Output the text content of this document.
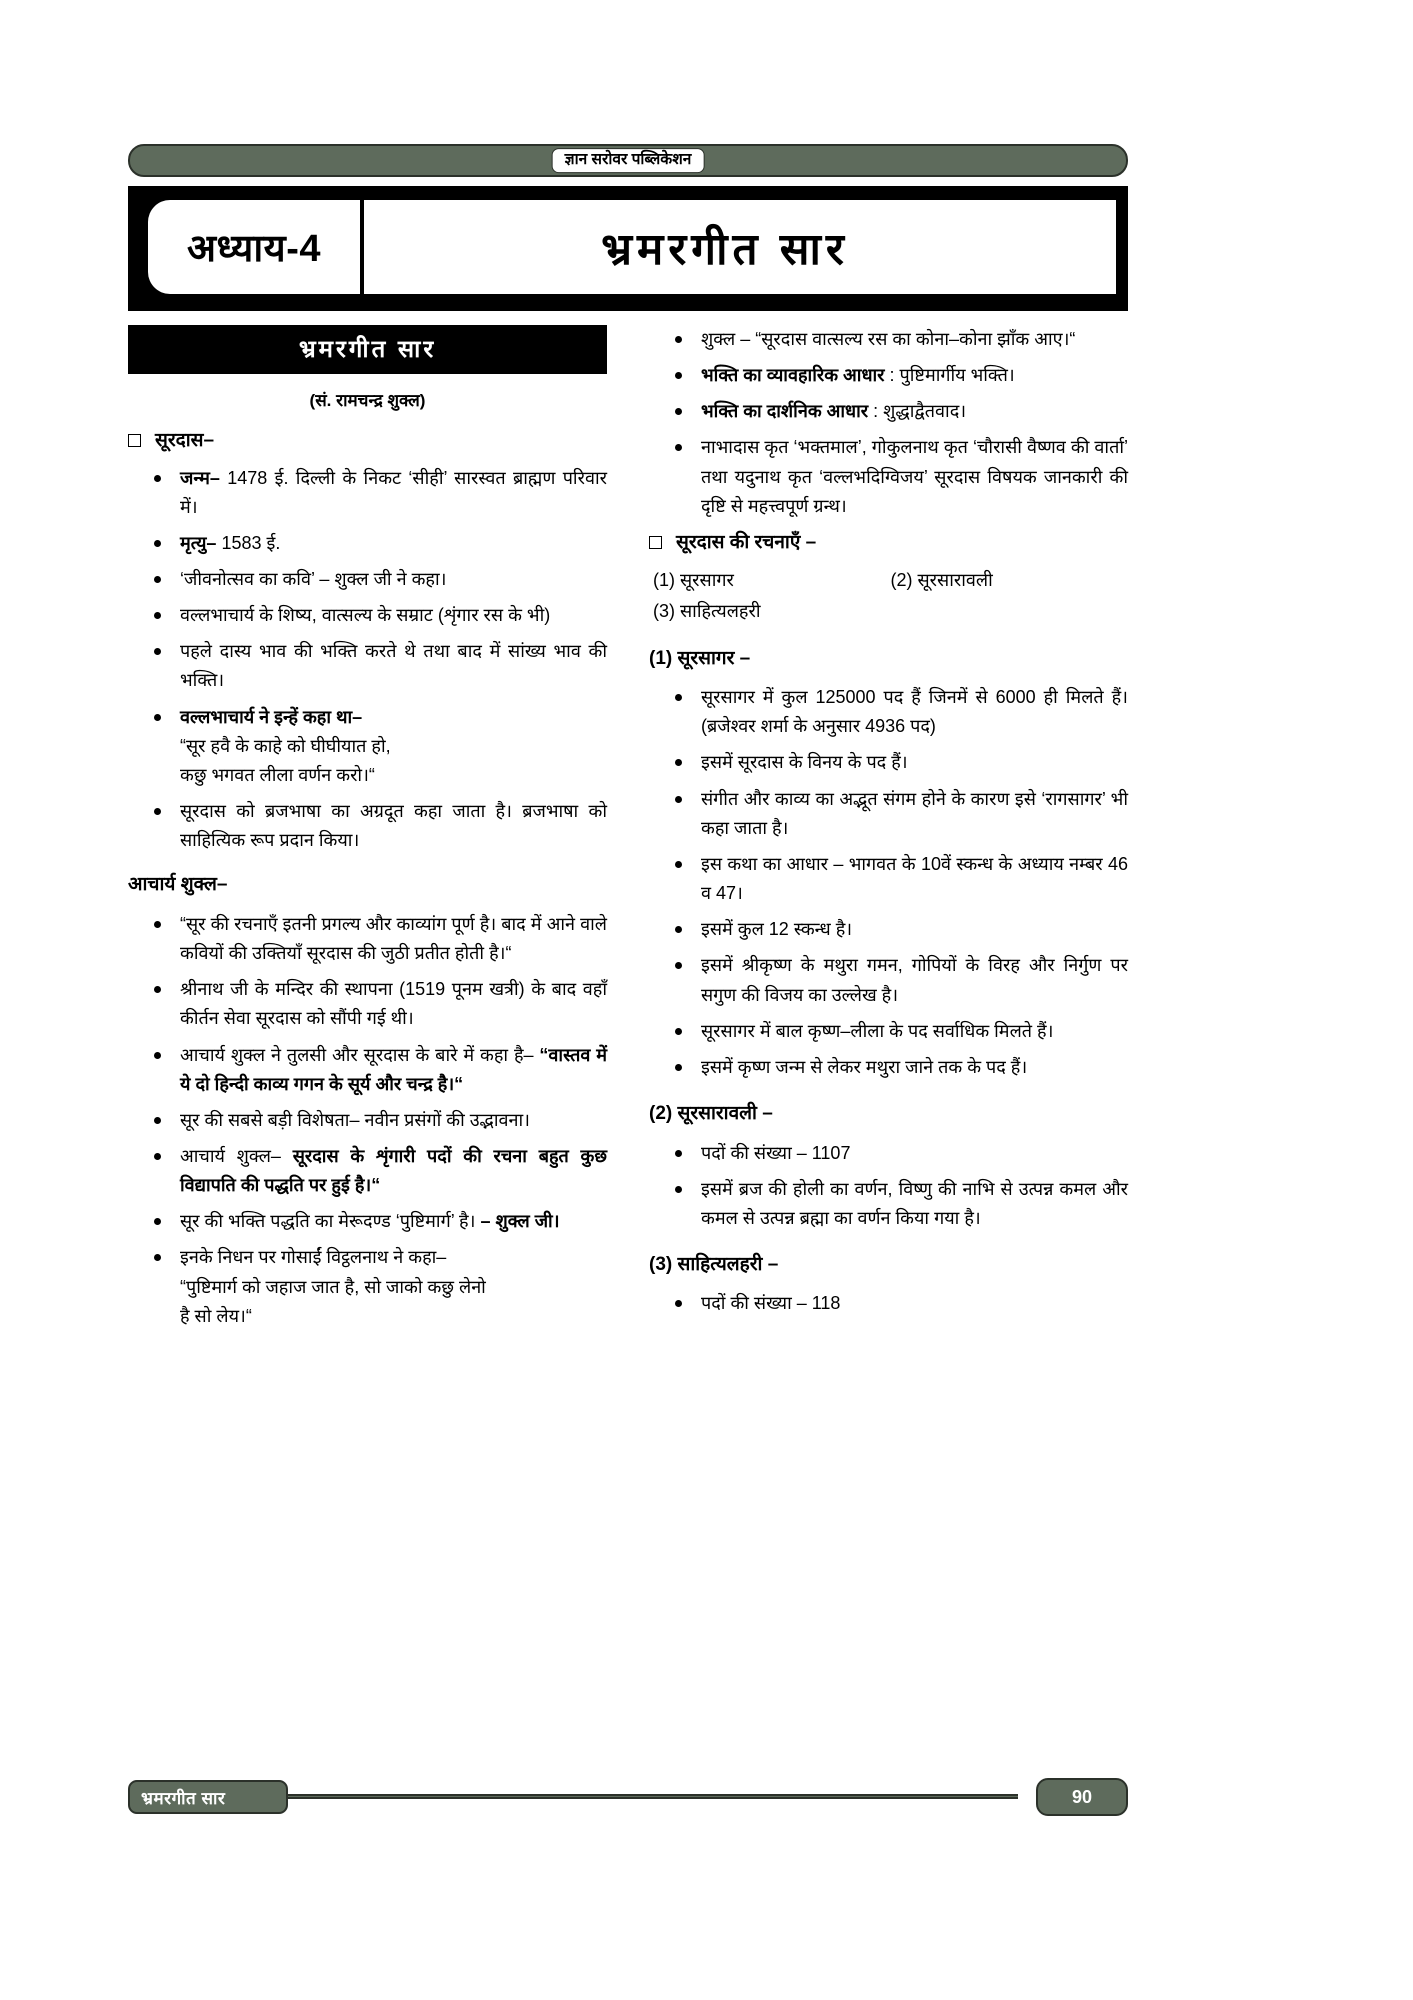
ज्ञान सरोवर पब्लिकेशन
अध्याय-4	भ्रमरगीत सार
भ्रमरगीत सार
(सं. रामचन्द्र शुक्ल)
सूरदास–
जन्म– 1478 ई. दिल्ली के निकट ‘सीही’ सारस्वत ब्राह्मण परिवार में।
मृत्यु– 1583 ई.
‘जीवनोत्सव का कवि’ – शुक्ल जी ने कहा।
वल्लभाचार्य के शिष्य, वात्सल्य के सम्राट (शृंगार रस के भी)
पहले दास्य भाव की भक्ति करते थे तथा बाद में सांख्य भाव की भक्ति।
वल्लभाचार्य ने इन्हें कहा था–
“सूर हवै के काहे को घीघीयात हो,
कछु भगवत लीला वर्णन करो।“
सूरदास को ब्रजभाषा का अग्रदूत कहा जाता है। ब्रजभाषा को साहित्यिक रूप प्रदान किया।
आचार्य शुक्ल–
“सूर की रचनाएँ इतनी प्रगल्य और काव्यांग पूर्ण है। बाद में आने वाले कवियों की उक्तियाँ सूरदास की जुठी प्रतीत होती है।“
श्रीनाथ जी के मन्दिर की स्थापना (1519 पूनम खत्री) के बाद वहाँ कीर्तन सेवा सूरदास को सौंपी गई थी।
आचार्य शुक्ल ने तुलसी और सूरदास के बारे में कहा है– “वास्तव में ये दो हिन्दी काव्य गगन के सूर्य और चन्द्र है।“
सूर की सबसे बड़ी विशेषता– नवीन प्रसंगों की उद्भावना।
आचार्य शुक्ल– सूरदास के शृंगारी पदों की रचना बहुत कुछ विद्यापति की पद्धति पर हुई है।“
सूर की भक्ति पद्धति का मेरूदण्ड ‘पुष्टिमार्ग’ है। – शुक्ल जी।
इनके निधन पर गोसाईं विट्ठलनाथ ने कहा–
“पुष्टिमार्ग को जहाज जात है, सो जाको कछु लेनो
है सो लेय।“
शुक्ल – “सूरदास वात्सल्य रस का कोना–कोना झाँक आए।“
भक्ति का व्यावहारिक आधार : पुष्टिमार्गीय भक्ति।
भक्ति का दार्शनिक आधार : शुद्धाद्वैतवाद।
नाभादास कृत ‘भक्तमाल’, गोकुलनाथ कृत ‘चौरासी वैष्णव की वार्ता’ तथा यदुनाथ कृत ‘वल्लभदिग्विजय’ सूरदास विषयक जानकारी की दृष्टि से महत्त्वपूर्ण ग्रन्थ।
सूरदास की रचनाएँ –
(1) सूरसागर	(2) सूरसारावली
(3) साहित्यलहरी
(1) सूरसागर –
सूरसागर में कुल 125000 पद हैं जिनमें से 6000 ही मिलते हैं। (ब्रजेश्वर शर्मा के अनुसार 4936 पद)
इसमें सूरदास के विनय के पद हैं।
संगीत और काव्य का अद्भूत संगम होने के कारण इसे ‘रागसागर’ भी कहा जाता है।
इस कथा का आधार – भागवत के 10वें स्कन्ध के अध्याय नम्बर 46 व 47।
इसमें कुल 12 स्कन्ध है।
इसमें श्रीकृष्ण के मथुरा गमन, गोपियों के विरह और निर्गुण पर सगुण की विजय का उल्लेख है।
सूरसागर में बाल कृष्ण–लीला के पद सर्वाधिक मिलते हैं।
इसमें कृष्ण जन्म से लेकर मथुरा जाने तक के पद हैं।
(2) सूरसारावली –
पदों की संख्या – 1107
इसमें ब्रज की होली का वर्णन, विष्णु की नाभि से उत्पन्न कमल और कमल से उत्पन्न ब्रह्मा का वर्णन किया गया है।
(3) साहित्यलहरी –
पदों की संख्या – 118
भ्रमरगीत सार	90
